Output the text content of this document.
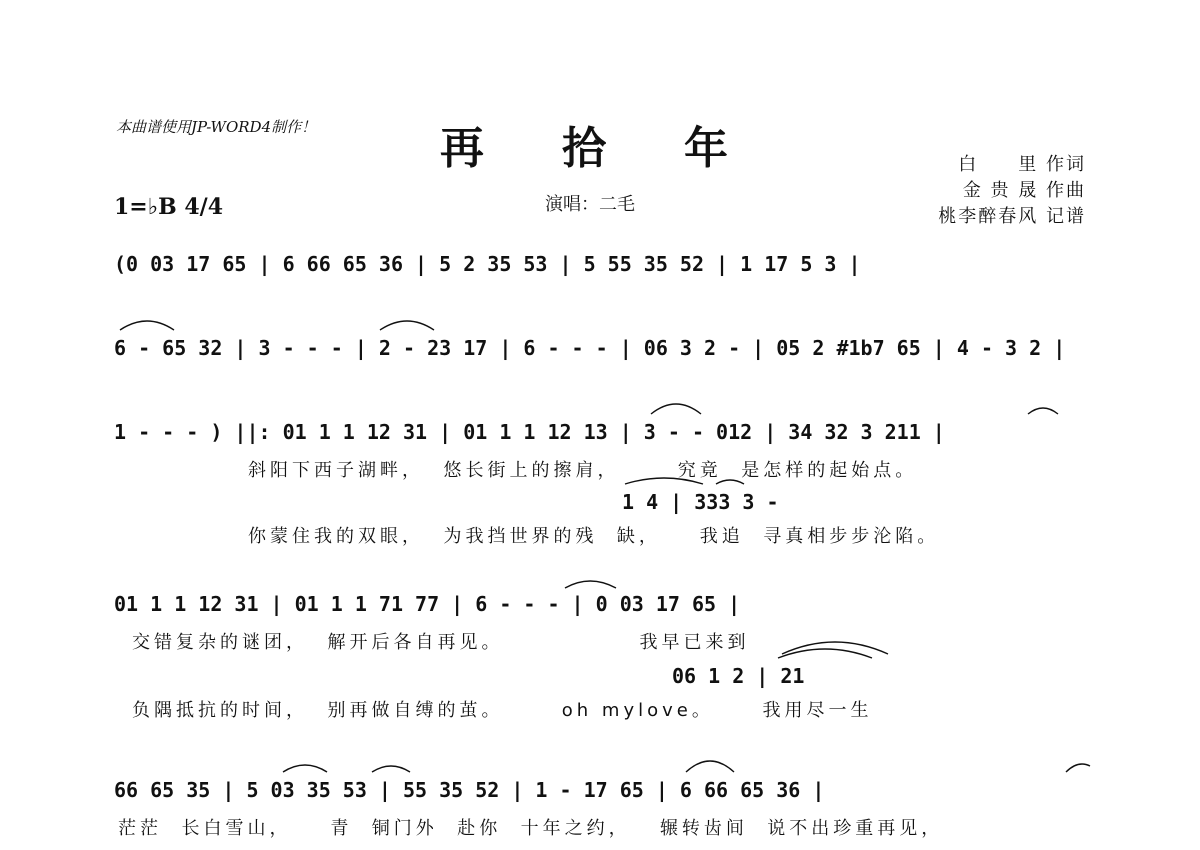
本曲谱使用JP-WORD4制作！	再拾年
1=♭B 4/4	演唱：二毛
白　　里 作词
金 贵 晟 作曲
桃李醉春风 记谱
(0 03 17 65 | 6 66 65 36 | 5 2 35 53 | 5 55 35 52 | 1 17 5 3 |
6 - 65 32 | 3 - - - | 2 - 23 17 | 6 - - - | 06 3 2 - | 05 2 #1b7 65 | 4 - 3 2 |
1 - - - ) ||: 01 1 1 12 31 | 01 1 1 12 13 | 3 - - 012 | 34 32 3 211 |
斜阳下西子湖畔，  悠长街上的擦肩，      究竟  是怎样的起始点。
1 4 | 333 3 -
你蒙住我的双眼，  为我挡世界的残  缺，    我追  寻真相步步沦陷。
01 1 1 12 31 | 01 1 1 71 77 | 6 - - - | 0 03 17 65 |
交错复杂的谜团，  解开后各自再见。              我早已来到
06 1 2 | 21
负隅抵抗的时间，  别再做自缚的茧。      oh mylove。     我用尽一生
66 65 35 | 5 03 35 53 | 55 35 52 | 1 - 17 65 | 6 66 65 36 |
茫茫  长白雪山，    青  铜门外  赴你  十年之约，   辗转齿间  说不出珍重再见，
